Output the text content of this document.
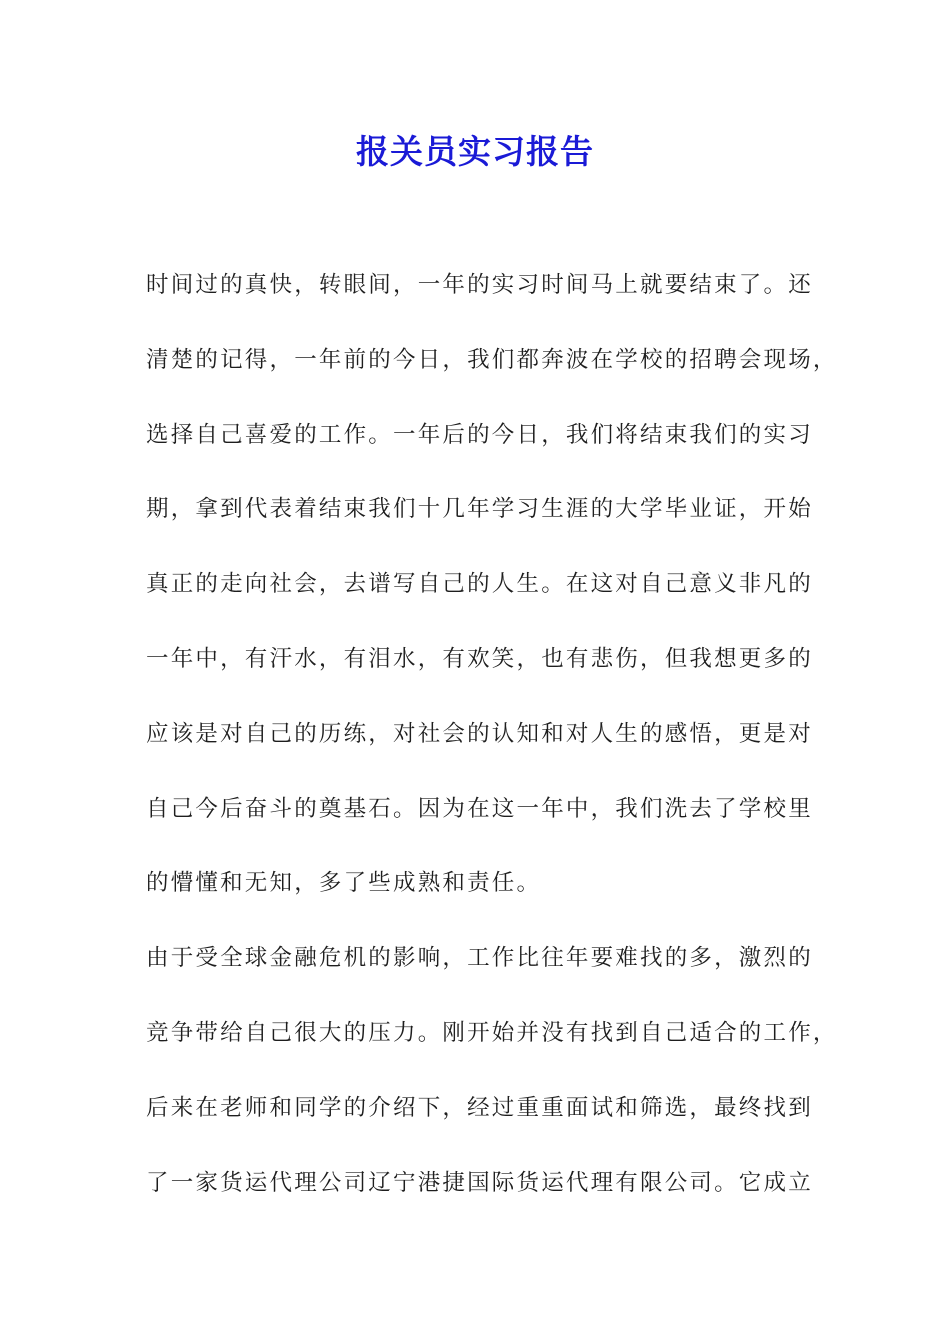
报关员实习报告
时间过的真快，转眼间，一年的实习时间马上就要结束了。还
清楚的记得，一年前的今日，我们都奔波在学校的招聘会现场，
选择自己喜爱的工作。一年后的今日，我们将结束我们的实习
期，拿到代表着结束我们十几年学习生涯的大学毕业证，开始
真正的走向社会，去谱写自己的人生。在这对自己意义非凡的
一年中，有汗水，有泪水，有欢笑，也有悲伤，但我想更多的
应该是对自己的历练，对社会的认知和对人生的感悟，更是对
自己今后奋斗的奠基石。因为在这一年中，我们洗去了学校里
的懵懂和无知，多了些成熟和责任。
由于受全球金融危机的影响，工作比往年要难找的多，激烈的
竞争带给自己很大的压力。刚开始并没有找到自己适合的工作，
后来在老师和同学的介绍下，经过重重面试和筛选，最终找到
了一家货运代理公司辽宁港捷国际货运代理有限公司。它成立
